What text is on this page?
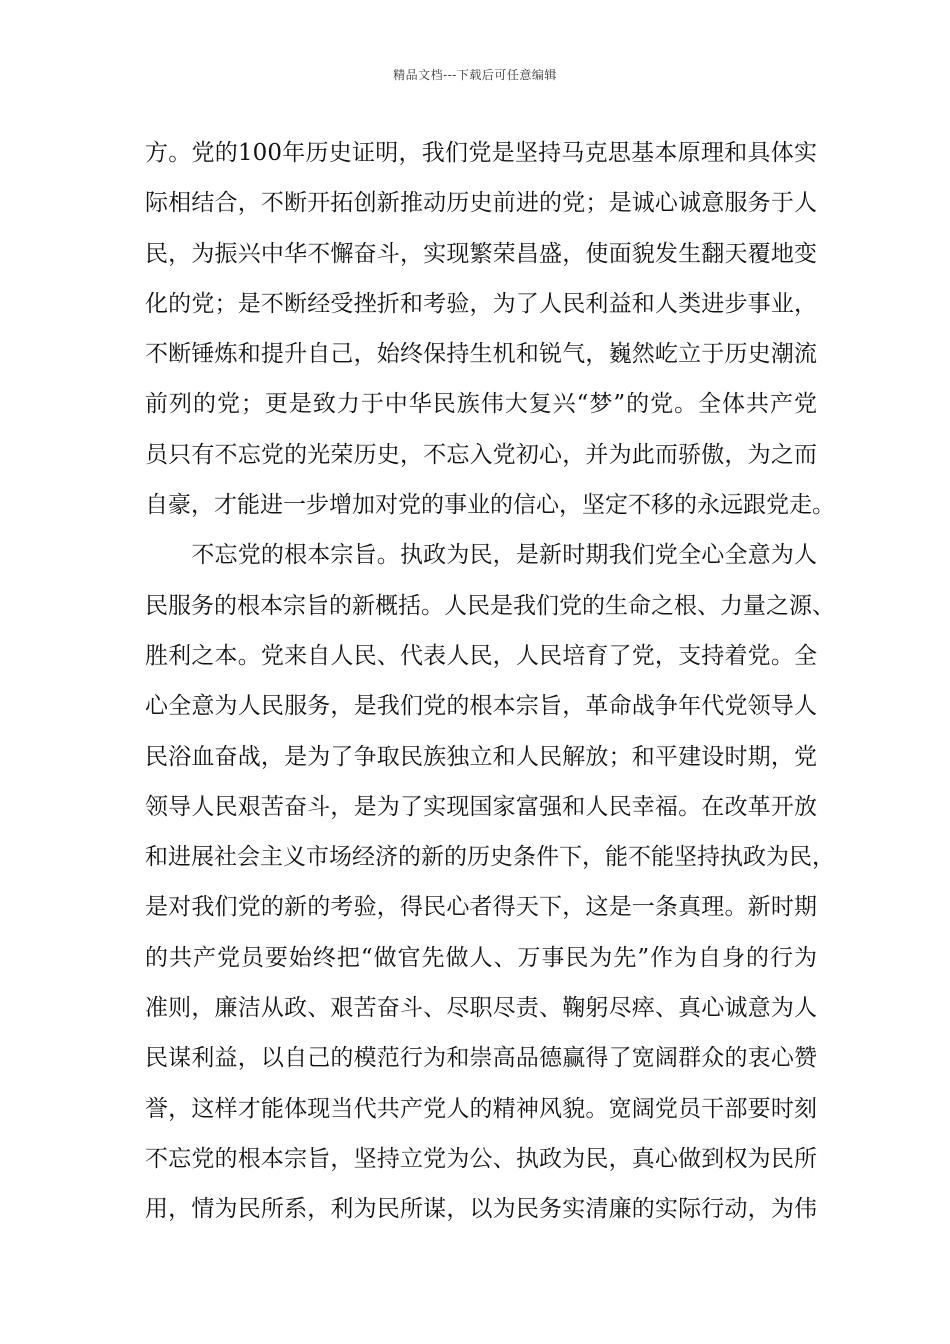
精品文档---下载后可任意编辑
方。党的100年历史证明，我们党是坚持马克思基本原理和具体实
际相结合，不断开拓创新推动历史前进的党；是诚心诚意服务于人
民，为振兴中华不懈奋斗，实现繁荣昌盛，使面貌发生翻天覆地变
化的党；是不断经受挫折和考验，为了人民利益和人类进步事业，
不断锤炼和提升自己，始终保持生机和锐气，巍然屹立于历史潮流
前列的党；更是致力于中华民族伟大复兴“梦”的党。全体共产党
员只有不忘党的光荣历史，不忘入党初心，并为此而骄傲，为之而
自豪，才能进一步增加对党的事业的信心，坚定不移的永远跟党走。
　　不忘党的根本宗旨。执政为民，是新时期我们党全心全意为人
民服务的根本宗旨的新概括。人民是我们党的生命之根、力量之源、
胜利之本。党来自人民、代表人民，人民培育了党，支持着党。全
心全意为人民服务，是我们党的根本宗旨，革命战争年代党领导人
民浴血奋战，是为了争取民族独立和人民解放；和平建设时期，党
领导人民艰苦奋斗，是为了实现国家富强和人民幸福。在改革开放
和进展社会主义市场经济的新的历史条件下，能不能坚持执政为民，
是对我们党的新的考验，得民心者得天下，这是一条真理。新时期
的共产党员要始终把“做官先做人、万事民为先”作为自身的行为
准则，廉洁从政、艰苦奋斗、尽职尽责、鞠躬尽瘁、真心诚意为人
民谋利益，以自己的模范行为和崇高品德赢得了宽阔群众的衷心赞
誉，这样才能体现当代共产党人的精神风貌。宽阔党员干部要时刻
不忘党的根本宗旨，坚持立党为公、执政为民，真心做到权为民所
用，情为民所系，利为民所谋，以为民务实清廉的实际行动，为伟
